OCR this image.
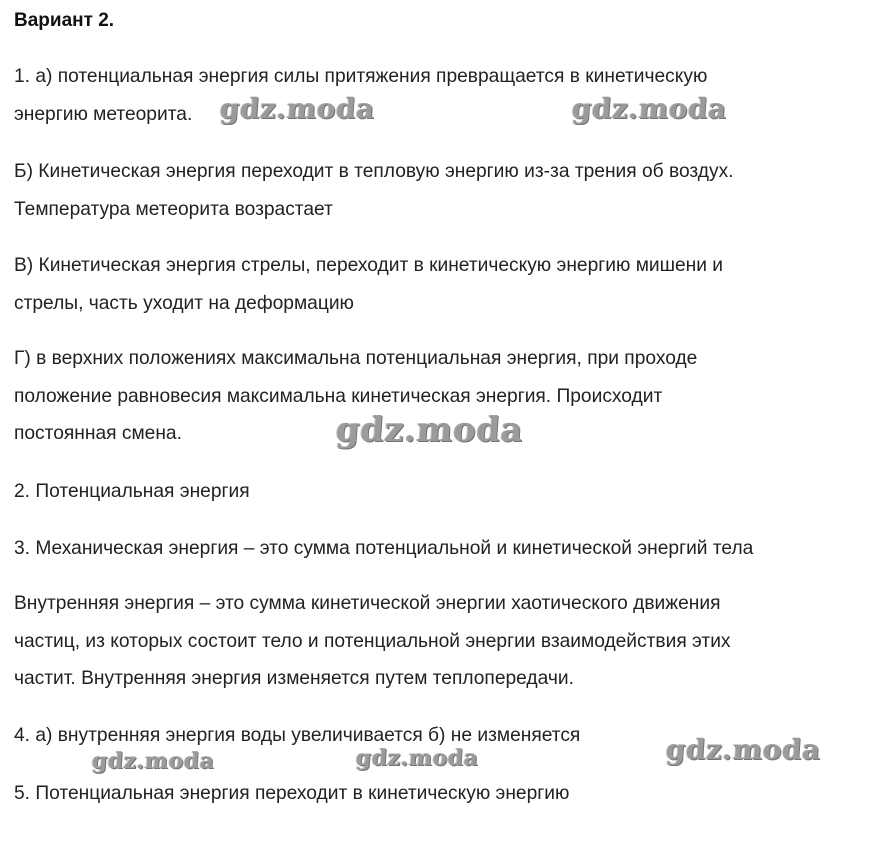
Вариант 2.

1. а) потенциальная энергия силы притяжения превращается в кинетическую
энергию метеорита.

Б) Кинетическая энергия переходит в тепловую энергию из-за трения об воздух.
Температура метеорита возрастает

В) Кинетическая энергия стрелы, переходит в кинетическую энергию мишени и
стрелы, часть уходит на деформацию

Г) в верхних положениях максимальна потенциальная энергия, при проходе
положение равновесия максимальна кинетическая энергия. Происходит
постоянная смена.

2. Потенциальная энергия

3. Механическая энергия – это сумма потенциальной и кинетической энергий тела

Внутренняя энергия – это сумма кинетической энергии хаотического движения
частиц, из которых состоит тело и потенциальной энергии взаимодействия этих
частит. Внутренняя энергия изменяется путем теплопередачи.

4. а) внутренняя энергия воды увеличивается б) не изменяется

5. Потенциальная энергия переходит в кинетическую энергию

gdz.moda	gdz.moda
gdz.moda
gdz.moda
gdz.moda	gdz.moda
